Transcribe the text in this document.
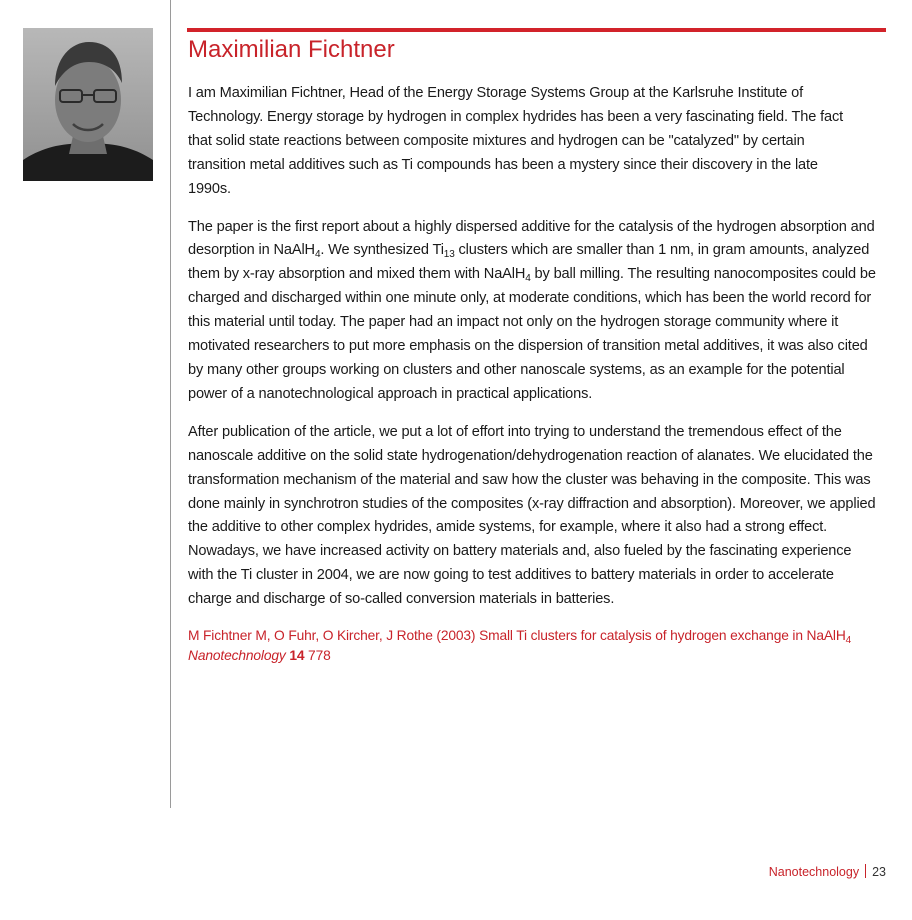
Maximilian Fichtner

I am Maximilian Fichtner, Head of the Energy Storage Systems Group at the Karlsruhe Institute of Technology. Energy storage by hydrogen in complex hydrides has been a very fascinating field. The fact that solid state reactions between composite mixtures and hydrogen can be "catalyzed" by certain transition metal additives such as Ti compounds has been a mystery since their discovery in the late 1990s.

The paper is the first report about a highly dispersed additive for the catalysis of the hydrogen absorption and desorption in NaAlH$_4$. We synthesized $Ti_{13}$ clusters which are smaller than 1 nm, in gram amounts, analyzed them by x-ray absorption and mixed them with NaAlH$_4$ by ball milling. The resulting nanocomposites could be charged and discharged within one minute only, at moderate conditions, which has been the world record for this material until today. The paper had an impact not only on the hydrogen storage community where it motivated researchers to put more emphasis on the dispersion of transition metal additives, it was also cited by many other groups working on clusters and other nanoscale systems, as an example for the potential power of a nanotechnological approach in practical applications.

After publication of the article, we put a lot of effort into trying to understand the tremendous effect of the nanoscale additive on the solid state hydrogenation/dehydrogenation reaction of alanates. We elucidated the transformation mechanism of the material and saw how the cluster was behaving in the composite. This was done mainly in synchrotron studies of the composites (x-ray diffraction and absorption). Moreover, we applied the additive to other complex hydrides, amide systems, for example, where it also had a strong effect. Nowadays, we have increased activity on battery materials and, also fueled by the fascinating experience with the Ti cluster in 2004, we are now going to test additives to battery materials in order to accelerate charge and discharge of so-called conversion materials in batteries.

M Fichtner M, O Fuhr, O Kircher, J Rothe (2003) Small Ti clusters for catalysis of hydrogen exchange in NaAlH$_4$
Nanotechnology 14 778

Nanotechnology 23
